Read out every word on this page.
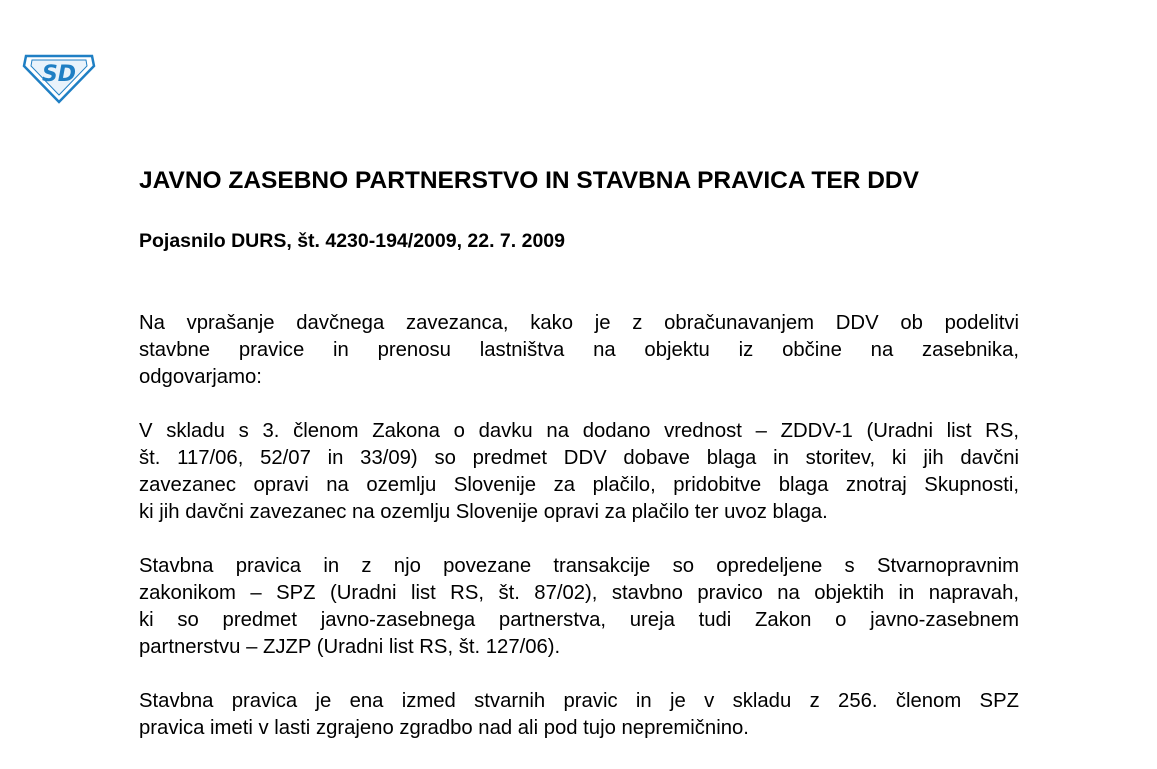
SD
JAVNO ZASEBNO PARTNERSTVO IN STAVBNA PRAVICA TER DDV
Pojasnilo DURS, št. 4230-194/2009, 22. 7. 2009
Na vprašanje davčnega zavezanca, kako je z obračunavanjem DDV ob podelitvi
stavbne pravice in prenosu lastništva na objektu iz občine na zasebnika,
odgovarjamo:
V skladu s 3. členom Zakona o davku na dodano vrednost – ZDDV-1 (Uradni list RS,
št. 117/06, 52/07 in 33/09) so predmet DDV dobave blaga in storitev, ki jih davčni
zavezanec opravi na ozemlju Slovenije za plačilo, pridobitve blaga znotraj Skupnosti,
ki jih davčni zavezanec na ozemlju Slovenije opravi za plačilo ter uvoz blaga.
Stavbna pravica in z njo povezane transakcije so opredeljene s Stvarnopravnim
zakonikom – SPZ (Uradni list RS, št. 87/02), stavbno pravico na objektih in napravah,
ki so predmet javno-zasebnega partnerstva, ureja tudi Zakon o javno-zasebnem
partnerstvu – ZJZP (Uradni list RS, št. 127/06).
Stavbna pravica je ena izmed stvarnih pravic in je v skladu z 256. členom SPZ
pravica imeti v lasti zgrajeno zgradbo nad ali pod tujo nepremičnino.
